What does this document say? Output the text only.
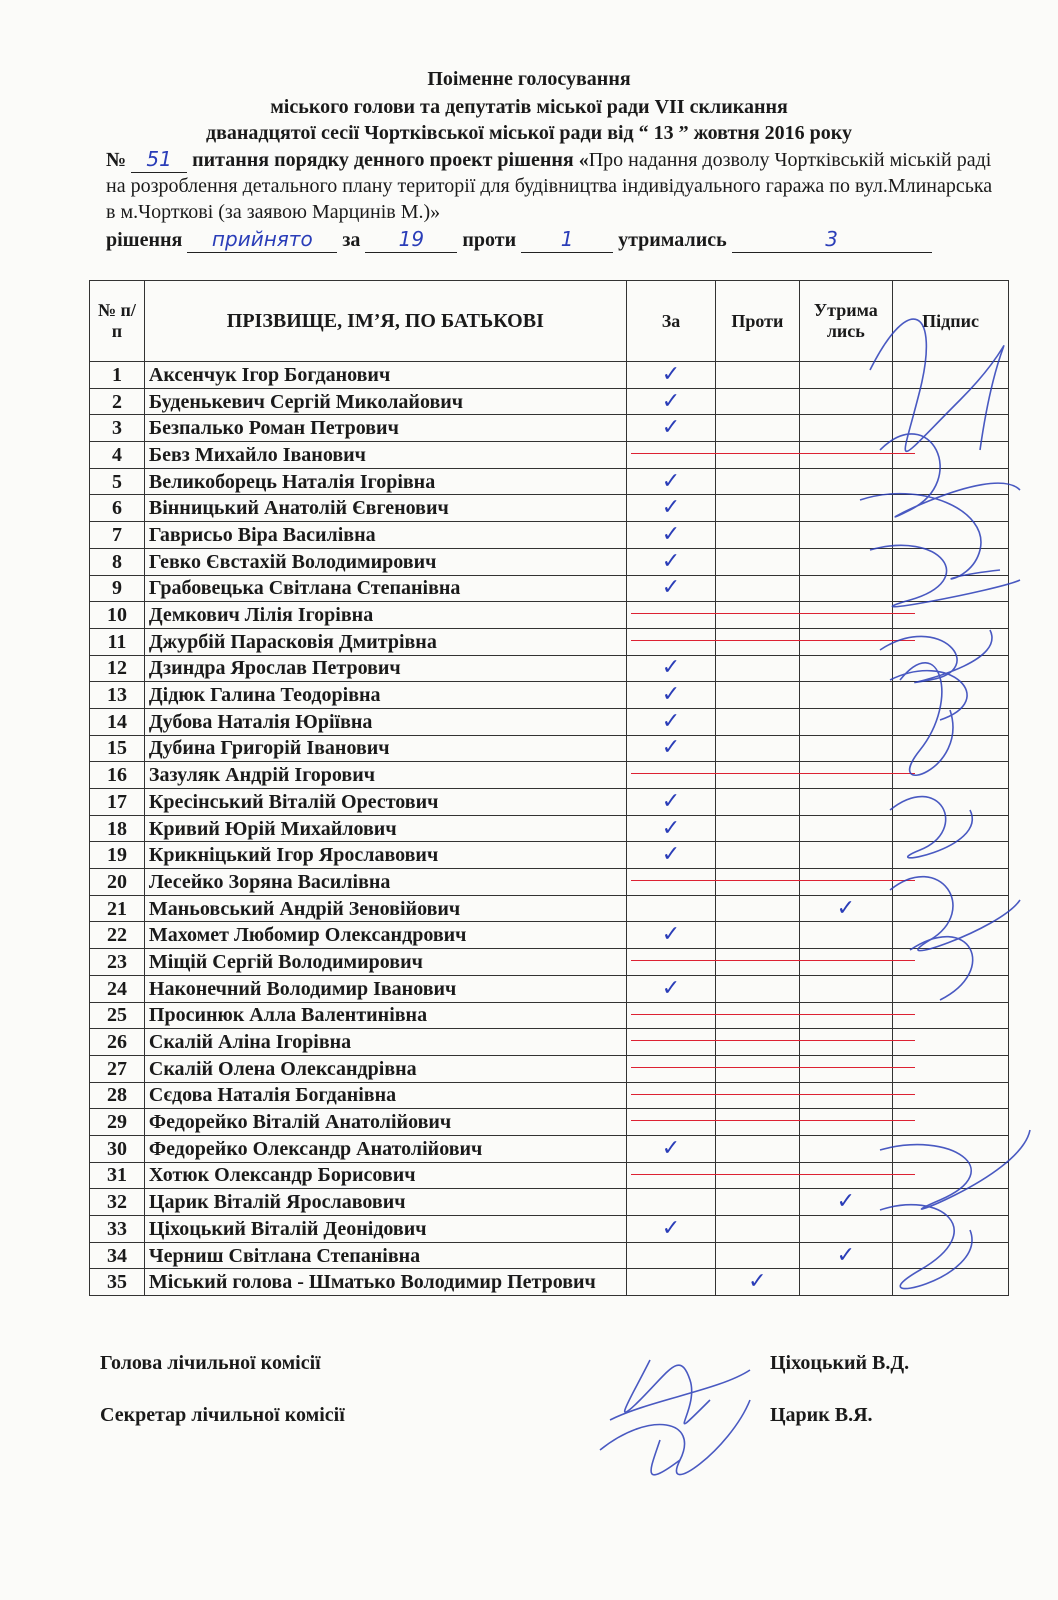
Поіменне голосування
міського голови та депутатів міської ради VII скликання
дванадцятої сесії Чортківської міської ради від “ 13 ” жовтня 2016 року
№ 51 питання порядку денного проект рішення «Про надання дозволу Чортківській міській раді на розроблення детального плану території для будівництва індивідуального гаража по вул.Млинарська в м.Чорткові (за заявою Марцинів М.)»
рішення прийнято за 19 проти 1 утримались	3
№ п/п	ПРІЗВИЩЕ, ІМ’Я, ПО БАТЬКОВІ	За	Проти	Утрима лись	Підпис
1	Аксенчук Ігор Богданович	✓			
2	Буденькевич Сергій Миколайович	✓			
3	Безпалько Роман Петрович	✓			
4	Бевз Михайло Іванович	

5	Великоборець Наталія Ігорівна	✓			
6	Вінницький Анатолій Євгенович	✓			
7	Гаврисьо Віра Василівна	✓			
8	Гевко Євстахій Володимирович	✓			
9	Грабовецька Світлана Степанівна	✓			
10	Демкович Лілія Ігорівна	

11	Джурбій Парасковія Дмитрівна	

12	Дзиндра Ярослав Петрович	✓			
13	Дідюк Галина Теодорівна	✓			
14	Дубова Наталія Юріївна	✓			
15	Дубина Григорій Іванович	✓			
16	Зазуляк Андрій Ігорович	

17	Кресінський Віталій Орестович	✓			
18	Кривий Юрій Михайлович	✓			
19	Крикніцький Ігор Ярославович	✓			
20	Лесейко Зоряна Василівна	

21	Маньовський Андрій Зеновійович			✓	
22	Махомет Любомир Олександрович	✓			
23	Міщій Сергій Володимирович	

24	Наконечний Володимир Іванович	✓			
25	Просинюк Алла Валентинівна	

26	Скалій Аліна Ігорівна	

27	Скалій Олена Олександрівна	

28	Сєдова Наталія Богданівна	

29	Федорейко Віталій Анатолійович	

30	Федорейко Олександр Анатолійович	✓			
31	Хотюк Олександр Борисович	

32	Царик Віталій Ярославович			✓	
33	Ціхоцький Віталій Деонідович	✓			
34	Черниш Світлана Степанівна			✓	
35	Міський голова - Шматько Володимир Петрович		✓		
Голова лічильної комісії	Ціхоцький В.Д.
Секретар лічильної комісії	Царик В.Я.
